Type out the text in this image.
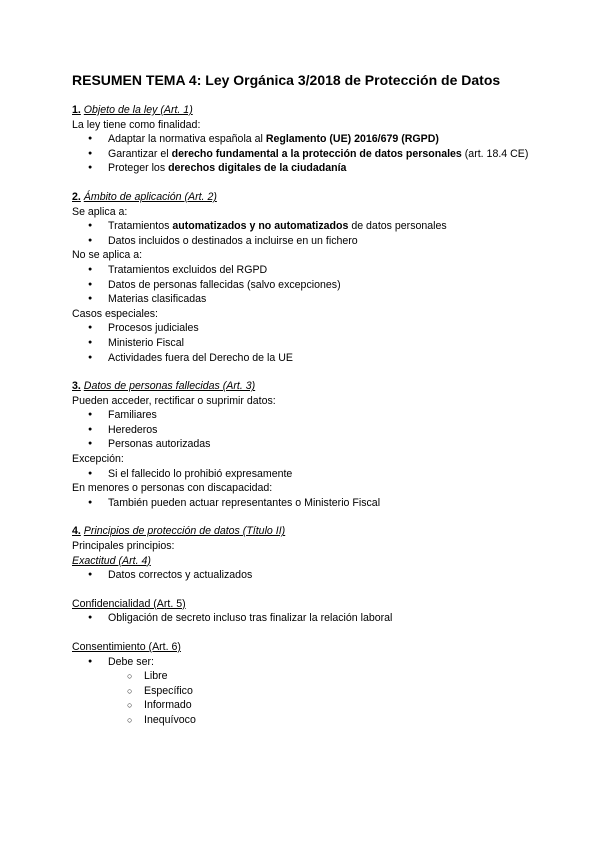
RESUMEN TEMA 4: Ley Orgánica 3/2018 de Protección de Datos
1. Objeto de la ley (Art. 1)
La ley tiene como finalidad:
● Adaptar la normativa española al Reglamento (UE) 2016/679 (RGPD)
● Garantizar el derecho fundamental a la protección de datos personales (art. 18.4 CE)
● Proteger los derechos digitales de la ciudadanía
2. Ámbito de aplicación (Art. 2)
Se aplica a:
● Tratamientos automatizados y no automatizados de datos personales
● Datos incluidos o destinados a incluirse en un fichero
No se aplica a:
● Tratamientos excluidos del RGPD
● Datos de personas fallecidas (salvo excepciones)
● Materias clasificadas
Casos especiales:
● Procesos judiciales
● Ministerio Fiscal
● Actividades fuera del Derecho de la UE
3. Datos de personas fallecidas (Art. 3)
Pueden acceder, rectificar o suprimir datos:
● Familiares
● Herederos
● Personas autorizadas
Excepción:
● Si el fallecido lo prohibió expresamente
En menores o personas con discapacidad:
● También pueden actuar representantes o Ministerio Fiscal
4. Principios de protección de datos (Título II)
Principales principios:
Exactitud (Art. 4)
● Datos correctos y actualizados
Confidencialidad (Art. 5)
● Obligación de secreto incluso tras finalizar la relación laboral
Consentimiento (Art. 6)
● Debe ser:
○ Libre
○ Específico
○ Informado
○ Inequívoco
